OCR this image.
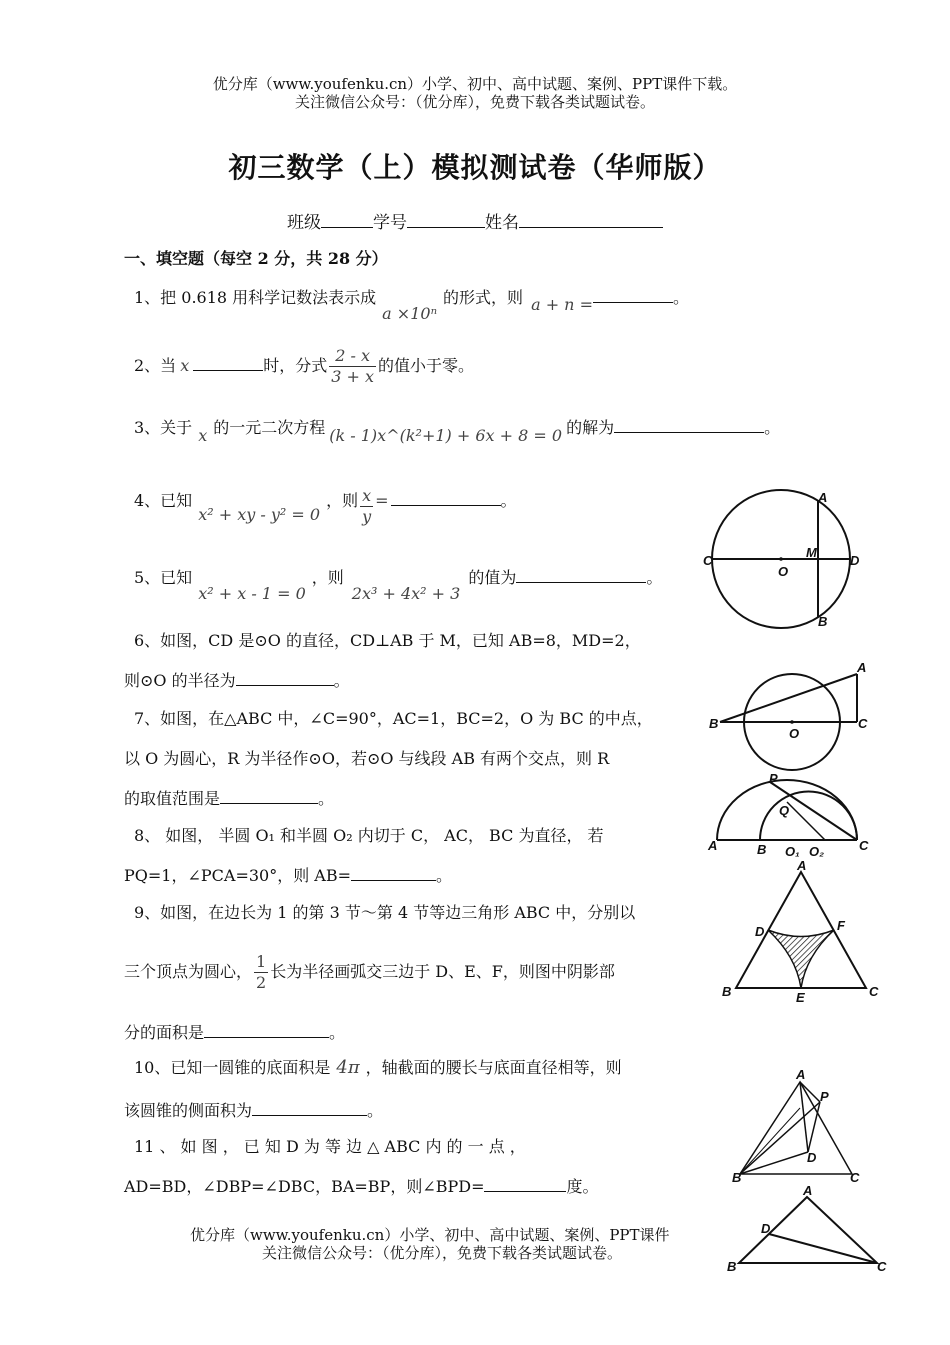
优分库（www.youfenku.cn）小学、初中、高中试题、案例、PPT课件下载。
关注微信公众号：（优分库），免费下载各类试题试卷。
初三数学（上）模拟测试卷（华师版）
班级	学号	姓名
一、填空题（每空 2 分，共 28 分）
1、把 0.618 用科学记数法表示成a ×10ⁿ的形式，则 a + n =	。
2、当 x	时，分式 $\frac{2 - x}{3 + x}$ 的值小于零。
3、关于 x 的一元二次方程 (k - 1)x^(k²+1) + 6x + 8 = 0 的解为	。
4、已知x² + xy - y² = 0，则 $\frac{x}{y}$ =	。
5、已知x² + x - 1 = 0，则2x³ + 4x² + 3的值为	。
6、如图，CD 是⊙O 的直径，CD⊥AB 于 M，已知 AB=8，MD=2，
则⊙O 的半径为	。
7、如图，在△ABC 中，∠C=90°，AC=1，BC=2，O 为 BC 的中点，
以 O 为圆心，R 为半径作⊙O，若⊙O 与线段 AB 有两个交点，则 R
的取值范围是	。
8、 如图， 半圆 O₁ 和半圆 O₂ 内切于 C， AC， BC 为直径， 若
PQ=1，∠PCA=30°，则 AB=	。
9、如图，在边长为 1 的第 3 节～第 4 节等边三角形 ABC 中，分别以
三个顶点为圆心， $\frac{1}{2}$ 长为半径画弧交三边于 D、E、F，则图中阴影部
分的面积是	。
10、已知一圆锥的底面积是 4π ，轴截面的腰长与底面直径相等，则
该圆锥的侧面积为	。
11 、 如 图 ， 已 知 D 为 等 边 △ ABC 内 的 一 点 ，
AD=BD，∠DBP=∠DBC，BA=BP，则∠BPD=	度。
优分库（www.youfenku.cn）小学、初中、高中试题、案例、PPT课件
关注微信公众号：（优分库），免费下载各类试题试卷。
A
B
C	D
M
O
A
B	C
O
P
Q
A	B O₁ O₂	C
A
B	C
D
E
F
A
P
D
B	C
A
D
B	C
